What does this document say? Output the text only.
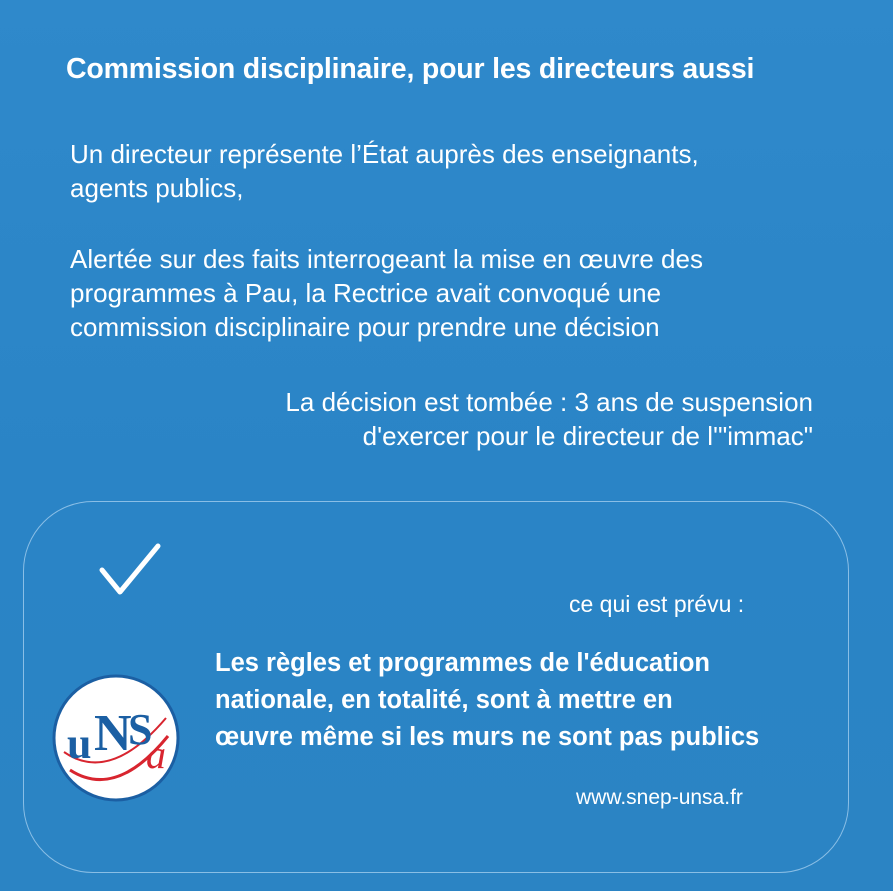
Commission disciplinaire, pour les directeurs aussi
Un directeur représente l’État auprès des enseignants,
agents publics,
Alertée sur des faits interrogeant la mise en œuvre des
programmes à Pau, la Rectrice avait convoqué une
commission disciplinaire pour prendre une décision
La décision est tombée : 3 ans de suspension
d'exercer pour le directeur de l'"immac"
ce qui est prévu :
Les règles et programmes de l'éducation
nationale, en totalité, sont à mettre en
œuvre même si les murs ne sont pas publics
www.snep-unsa.fr
u N
S
a
